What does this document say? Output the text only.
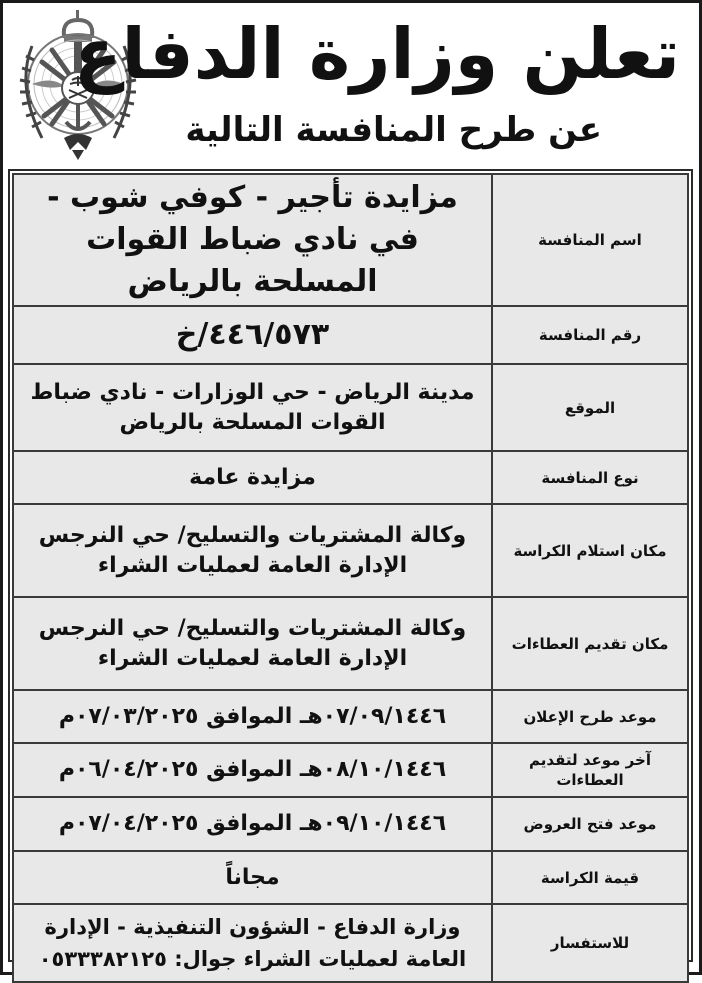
تعلن وزارة الدفاع
عن طرح المنافسة التالية
اسم المنافسة	مزايدة تأجير - كوفي شوب - في نادي ضباط القوات المسلحة بالرياض
رقم المنافسة	٤٤٦/٥٧٣/خ
الموقع	مدينة الرياض - حي الوزارات - نادي ضباط القوات المسلحة بالرياض
نوع المنافسة	مزايدة عامة
مكان استلام الكراسة	وكالة المشتريات والتسليح/ حي النرجس الإدارة العامة لعمليات الشراء
مكان تقديم العطاءات	وكالة المشتريات والتسليح/ حي النرجس الإدارة العامة لعمليات الشراء
موعد طرح الإعلان	٠٧/٠٩/١٤٤٦هـ الموافق ٠٧/٠٣/٢٠٢٥م
آخر موعد لتقديم العطاءات	٠٨/١٠/١٤٤٦هـ الموافق ٠٦/٠٤/٢٠٢٥م
موعد فتح العروض	٠٩/١٠/١٤٤٦هـ الموافق ٠٧/٠٤/٢٠٢٥م
قيمة الكراسة	مجاناً
للاستفسار	وزارة الدفاع - الشؤون التنفيذية - الإدارة العامة لعمليات الشراء جوال: ٠٥٣٣٣٨٢١٢٥
